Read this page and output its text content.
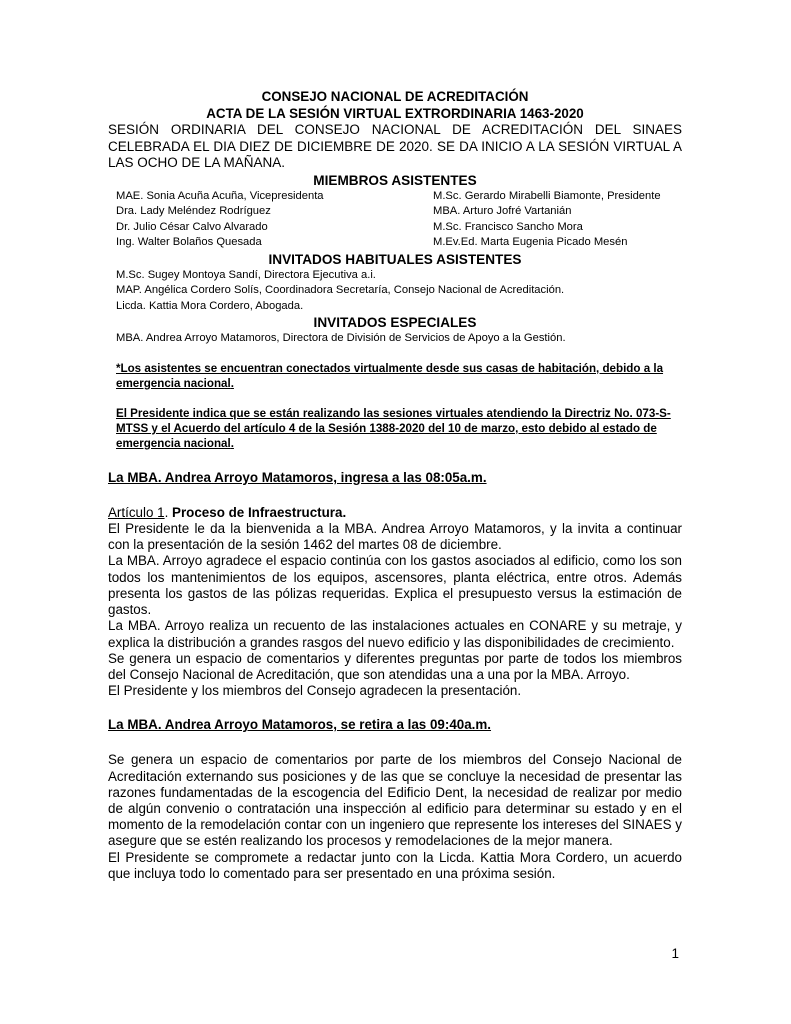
CONSEJO NACIONAL DE ACREDITACIÓN
ACTA DE LA SESIÓN VIRTUAL EXTRORDINARIA 1463-2020
SESIÓN ORDINARIA DEL CONSEJO NACIONAL DE ACREDITACIÓN DEL SINAES CELEBRADA EL DIA DIEZ DE DICIEMBRE DE 2020. SE DA INICIO A LA SESIÓN VIRTUAL A LAS OCHO DE LA MAÑANA.
MIEMBROS ASISTENTES
MAE. Sonia Acuña Acuña, Vicepresidenta	M.Sc. Gerardo Mirabelli Biamonte, Presidente
Dra. Lady Meléndez Rodríguez	MBA. Arturo Jofré Vartanián
Dr. Julio César Calvo Alvarado	M.Sc. Francisco Sancho Mora
Ing. Walter Bolaños Quesada	M.Ev.Ed. Marta Eugenia Picado Mesén
INVITADOS HABITUALES ASISTENTES
M.Sc. Sugey Montoya Sandí, Directora Ejecutiva a.i.
MAP. Angélica Cordero Solís, Coordinadora Secretaría, Consejo Nacional de Acreditación.
Licda. Kattia Mora Cordero, Abogada.
INVITADOS ESPECIALES
MBA. Andrea Arroyo Matamoros, Directora de División de Servicios de Apoyo a la Gestión.
*Los asistentes se encuentran conectados virtualmente desde sus casas de habitación, debido a la emergencia nacional.
El Presidente indica que se están realizando las sesiones virtuales atendiendo la Directriz No. 073-S-MTSS y el Acuerdo del artículo 4 de la Sesión 1388-2020 del 10 de marzo, esto debido al estado de emergencia nacional.
La MBA. Andrea Arroyo Matamoros, ingresa a las 08:05a.m.
Artículo 1. Proceso de Infraestructura.
El Presidente le da la bienvenida a la MBA. Andrea Arroyo Matamoros, y la invita a continuar con la presentación de la sesión 1462 del martes 08 de diciembre.
La MBA. Arroyo agradece el espacio continúa con los gastos asociados al edificio, como los son todos los mantenimientos de los equipos, ascensores, planta eléctrica, entre otros. Además presenta los gastos de las pólizas requeridas. Explica el presupuesto versus la estimación de gastos.
La MBA. Arroyo realiza un recuento de las instalaciones actuales en CONARE y su metraje, y explica la distribución a grandes rasgos del nuevo edificio y las disponibilidades de crecimiento.
Se genera un espacio de comentarios y diferentes preguntas por parte de todos los miembros del Consejo Nacional de Acreditación, que son atendidas una a una por la MBA. Arroyo.
El Presidente y los miembros del Consejo agradecen la presentación.
La MBA. Andrea Arroyo Matamoros, se retira a las 09:40a.m.
Se genera un espacio de comentarios por parte de los miembros del Consejo Nacional de Acreditación externando sus posiciones y de las que se concluye la necesidad de presentar las razones fundamentadas de la escogencia del Edificio Dent, la necesidad de realizar por medio de algún convenio o contratación una inspección al edificio para determinar su estado y en el momento de la remodelación contar con un ingeniero que represente los intereses del SINAES y asegure que se estén realizando los procesos y remodelaciones de la mejor manera.
El Presidente se compromete a redactar junto con la Licda. Kattia Mora Cordero, un acuerdo que incluya todo lo comentado para ser presentado en una próxima sesión.
1
